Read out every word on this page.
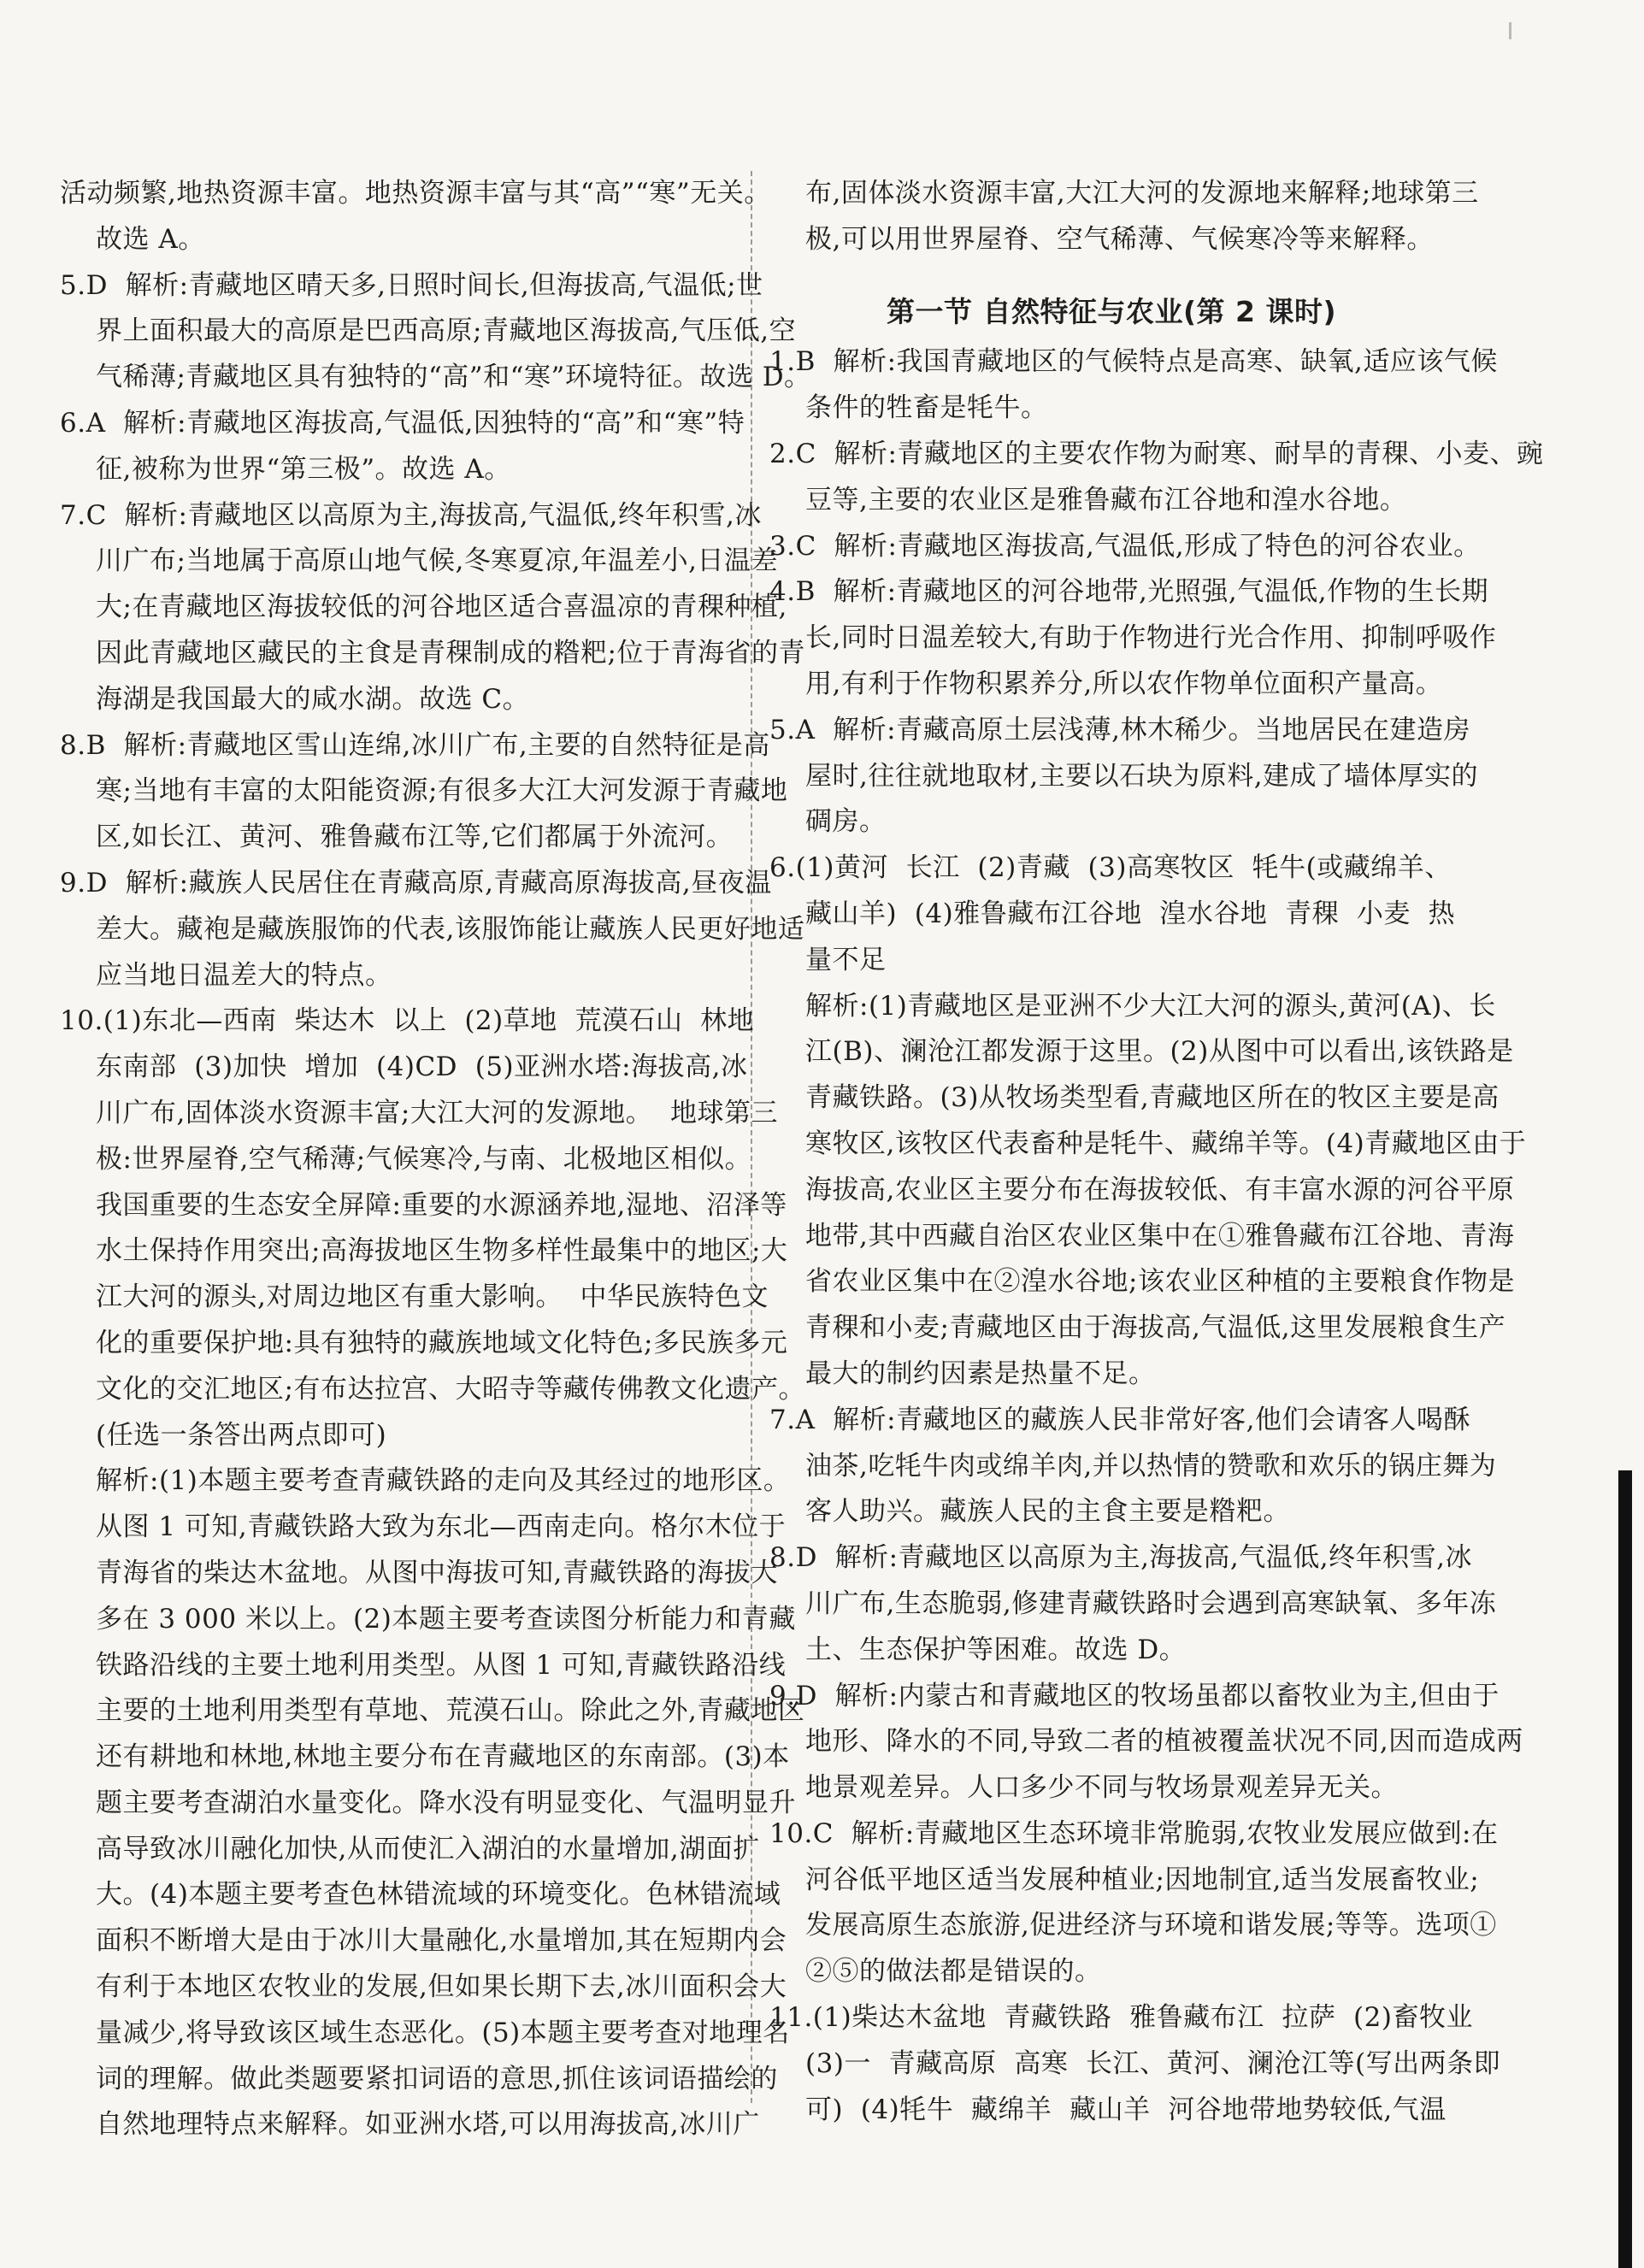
活动频繁,地热资源丰富。地热资源丰富与其“高”“寒”无关。
故选 A。
5.D  解析:青藏地区晴天多,日照时间长,但海拔高,气温低;世
界上面积最大的高原是巴西高原;青藏地区海拔高,气压低,空
气稀薄;青藏地区具有独特的“高”和“寒”环境特征。故选 D。
6.A  解析:青藏地区海拔高,气温低,因独特的“高”和“寒”特
征,被称为世界“第三极”。故选 A。
7.C  解析:青藏地区以高原为主,海拔高,气温低,终年积雪,冰
川广布;当地属于高原山地气候,冬寒夏凉,年温差小,日温差
大;在青藏地区海拔较低的河谷地区适合喜温凉的青稞种植,
因此青藏地区藏民的主食是青稞制成的糌粑;位于青海省的青
海湖是我国最大的咸水湖。故选 C。
8.B  解析:青藏地区雪山连绵,冰川广布,主要的自然特征是高
寒;当地有丰富的太阳能资源;有很多大江大河发源于青藏地
区,如长江、黄河、雅鲁藏布江等,它们都属于外流河。
9.D  解析:藏族人民居住在青藏高原,青藏高原海拔高,昼夜温
差大。藏袍是藏族服饰的代表,该服饰能让藏族人民更好地适
应当地日温差大的特点。
10.(1)东北—西南  柴达木  以上  (2)草地  荒漠石山  林地
东南部  (3)加快  增加  (4)CD  (5)亚洲水塔:海拔高,冰
川广布,固体淡水资源丰富;大江大河的发源地。  地球第三
极:世界屋脊,空气稀薄;气候寒冷,与南、北极地区相似。
我国重要的生态安全屏障:重要的水源涵养地,湿地、沼泽等
水土保持作用突出;高海拔地区生物多样性最集中的地区;大
江大河的源头,对周边地区有重大影响。  中华民族特色文
化的重要保护地:具有独特的藏族地域文化特色;多民族多元
文化的交汇地区;有布达拉宫、大昭寺等藏传佛教文化遗产。
(任选一条答出两点即可)
解析:(1)本题主要考查青藏铁路的走向及其经过的地形区。
从图 1 可知,青藏铁路大致为东北—西南走向。格尔木位于
青海省的柴达木盆地。从图中海拔可知,青藏铁路的海拔大
多在 3 000 米以上。(2)本题主要考查读图分析能力和青藏
铁路沿线的主要土地利用类型。从图 1 可知,青藏铁路沿线
主要的土地利用类型有草地、荒漠石山。除此之外,青藏地区
还有耕地和林地,林地主要分布在青藏地区的东南部。(3)本
题主要考查湖泊水量变化。降水没有明显变化、气温明显升
高导致冰川融化加快,从而使汇入湖泊的水量增加,湖面扩
大。(4)本题主要考查色林错流域的环境变化。色林错流域
面积不断增大是由于冰川大量融化,水量增加,其在短期内会
有利于本地区农牧业的发展,但如果长期下去,冰川面积会大
量减少,将导致该区域生态恶化。(5)本题主要考查对地理名
词的理解。做此类题要紧扣词语的意思,抓住该词语描绘的
自然地理特点来解释。如亚洲水塔,可以用海拔高,冰川广
布,固体淡水资源丰富,大江大河的发源地来解释;地球第三
极,可以用世界屋脊、空气稀薄、气候寒冷等来解释。
第一节 自然特征与农业(第 2 课时)
1.B  解析:我国青藏地区的气候特点是高寒、缺氧,适应该气候
条件的牲畜是牦牛。
2.C  解析:青藏地区的主要农作物为耐寒、耐旱的青稞、小麦、豌
豆等,主要的农业区是雅鲁藏布江谷地和湟水谷地。
3.C  解析:青藏地区海拔高,气温低,形成了特色的河谷农业。
4.B  解析:青藏地区的河谷地带,光照强,气温低,作物的生长期
长,同时日温差较大,有助于作物进行光合作用、抑制呼吸作
用,有利于作物积累养分,所以农作物单位面积产量高。
5.A  解析:青藏高原土层浅薄,林木稀少。当地居民在建造房
屋时,往往就地取材,主要以石块为原料,建成了墙体厚实的
碉房。
6.(1)黄河  长江  (2)青藏  (3)高寒牧区  牦牛(或藏绵羊、
藏山羊)  (4)雅鲁藏布江谷地  湟水谷地  青稞  小麦  热
量不足
解析:(1)青藏地区是亚洲不少大江大河的源头,黄河(A)、长
江(B)、澜沧江都发源于这里。(2)从图中可以看出,该铁路是
青藏铁路。(3)从牧场类型看,青藏地区所在的牧区主要是高
寒牧区,该牧区代表畜种是牦牛、藏绵羊等。(4)青藏地区由于
海拔高,农业区主要分布在海拔较低、有丰富水源的河谷平原
地带,其中西藏自治区农业区集中在①雅鲁藏布江谷地、青海
省农业区集中在②湟水谷地;该农业区种植的主要粮食作物是
青稞和小麦;青藏地区由于海拔高,气温低,这里发展粮食生产
最大的制约因素是热量不足。
7.A  解析:青藏地区的藏族人民非常好客,他们会请客人喝酥
油茶,吃牦牛肉或绵羊肉,并以热情的赞歌和欢乐的锅庄舞为
客人助兴。藏族人民的主食主要是糌粑。
8.D  解析:青藏地区以高原为主,海拔高,气温低,终年积雪,冰
川广布,生态脆弱,修建青藏铁路时会遇到高寒缺氧、多年冻
土、生态保护等困难。故选 D。
9.D  解析:内蒙古和青藏地区的牧场虽都以畜牧业为主,但由于
地形、降水的不同,导致二者的植被覆盖状况不同,因而造成两
地景观差异。人口多少不同与牧场景观差异无关。
10.C  解析:青藏地区生态环境非常脆弱,农牧业发展应做到:在
河谷低平地区适当发展种植业;因地制宜,适当发展畜牧业;
发展高原生态旅游,促进经济与环境和谐发展;等等。选项①
②⑤的做法都是错误的。
11.(1)柴达木盆地  青藏铁路  雅鲁藏布江  拉萨  (2)畜牧业
(3)一  青藏高原  高寒  长江、黄河、澜沧江等(写出两条即
可)  (4)牦牛  藏绵羊  藏山羊  河谷地带地势较低,气温
